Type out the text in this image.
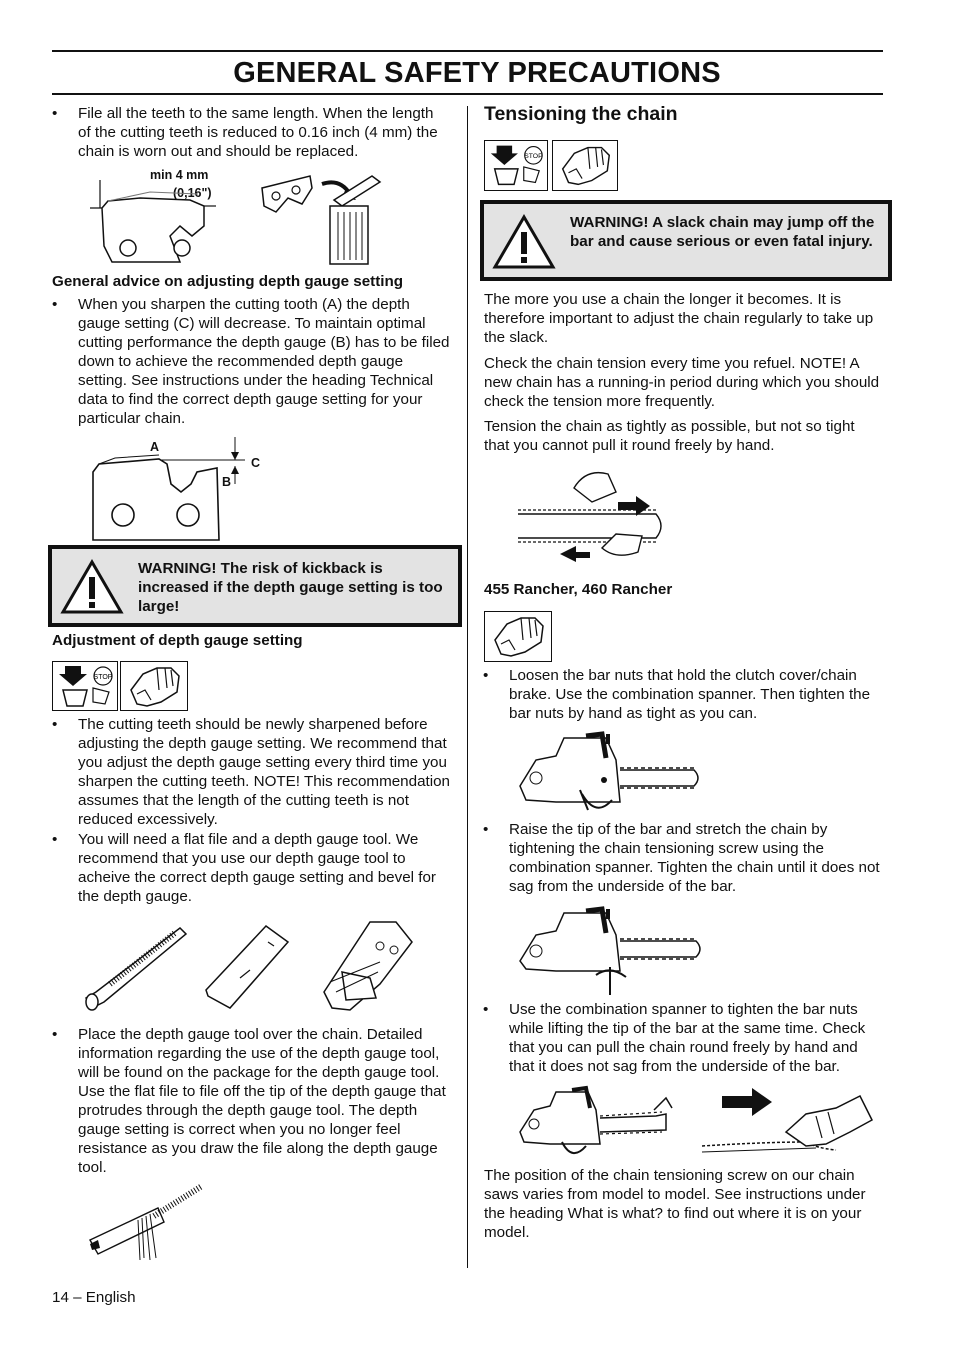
GENERAL SAFETY PRECAUTIONS
• File all the teeth to the same length. When the length of the cutting teeth is reduced to 0.16 inch (4 mm) the chain is worn out and should be replaced.
min 4 mm
(0,16")
General advice on adjusting depth gauge setting
• When you sharpen the cutting tooth (A) the depth gauge setting (C) will decrease. To maintain optimal cutting performance the depth gauge (B) has to be filed down to achieve the recommended depth gauge setting. See instructions under the heading Technical data to find the correct depth gauge setting for your particular chain.
A
B
C
WARNING! The risk of kickback is increased if the depth gauge setting is too large!
Adjustment of depth gauge setting
STOP
• The cutting teeth should be newly sharpened before adjusting the depth gauge setting. We recommend that you adjust the depth gauge setting every third time you sharpen the cutting teeth. NOTE! This recommendation assumes that the length of the cutting teeth is not reduced excessively.
• You will need a flat file and a depth gauge tool. We recommend that you use our depth gauge tool to acheive the correct depth gauge setting and bevel for the depth gauge.
• Place the depth gauge tool over the chain. Detailed information regarding the use of the depth gauge tool, will be found on the package for the depth gauge tool. Use the flat file to file off the tip of the depth gauge that protrudes through the depth gauge tool. The depth gauge setting is correct when you no longer feel resistance as you draw the file along the depth gauge tool.
Tensioning the chain
STOP
WARNING! A slack chain may jump off the bar and cause serious or even fatal injury.
The more you use a chain the longer it becomes. It is therefore important to adjust the chain regularly to take up the slack.
Check the chain tension every time you refuel. NOTE! A new chain has a running-in period during which you should check the tension more frequently.
Tension the chain as tightly as possible, but not so tight that you cannot pull it round freely by hand.
455 Rancher, 460 Rancher
• Loosen the bar nuts that hold the clutch cover/chain brake. Use the combination spanner. Then tighten the bar nuts by hand as tight as you can.
• Raise the tip of the bar and stretch the chain by tightening the chain tensioning screw using the combination spanner. Tighten the chain until it does not sag from the underside of the bar.
• Use the combination spanner to tighten the bar nuts while lifting the tip of the bar at the same time. Check that you can pull the chain round freely by hand and that it does not sag from the underside of the bar.
The position of the chain tensioning screw on our chain saws varies from model to model. See instructions under the heading What is what? to find out where it is on your model.
14 – English
